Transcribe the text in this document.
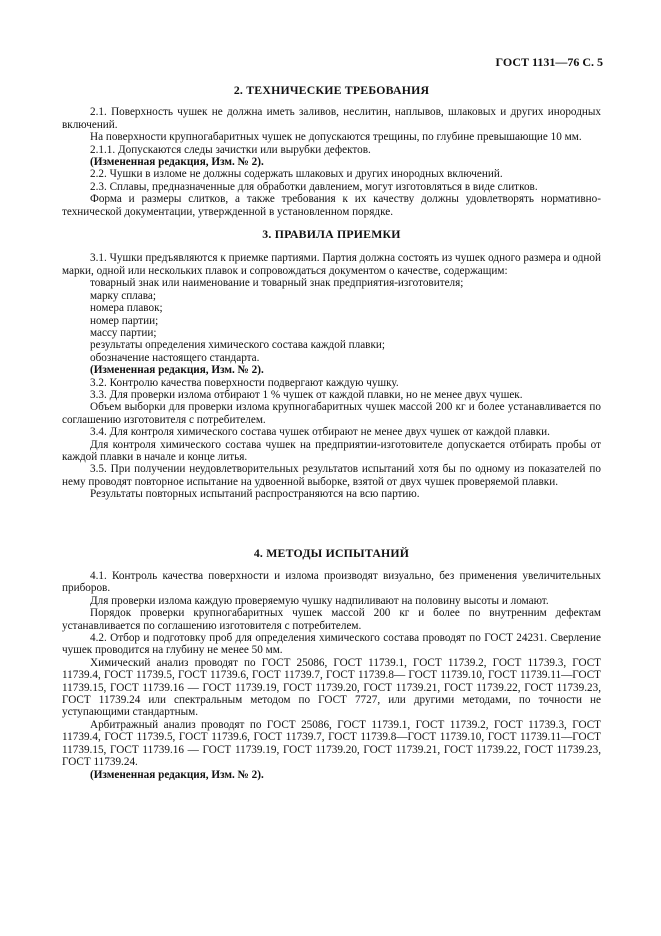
ГОСТ 1131—76 С. 5
2. ТЕХНИЧЕСКИЕ ТРЕБОВАНИЯ

2.1. Поверхность чушек не должна иметь заливов, неслитин, наплывов, шлаковых и других инородных включений.

На поверхности крупногабаритных чушек не допускаются трещины, по глубине превышающие 10 мм.

2.1.1. Допускаются следы зачистки или вырубки дефектов.

(Измененная редакция, Изм. № 2).

2.2. Чушки в изломе не должны содержать шлаковых и других инородных включений.

2.3. Сплавы, предназначенные для обработки давлением, могут изготовляться в виде слитков.

Форма и размеры слитков, а также требования к их качеству должны удовлетворять нормативно-технической документации, утвержденной в установленном порядке.

3. ПРАВИЛА ПРИЕМКИ

3.1. Чушки предъявляются к приемке партиями. Партия должна состоять из чушек одного размера и одной марки, одной или нескольких плавок и сопровождаться документом о качестве, содержащим:

товарный знак или наименование и товарный знак предприятия-изготовителя;

марку сплава;

номера плавок;

номер партии;

массу партии;

результаты определения химического состава каждой плавки;

обозначение настоящего стандарта.

(Измененная редакция, Изм. № 2).

3.2. Контролю качества поверхности подвергают каждую чушку.

3.3. Для проверки излома отбирают 1 % чушек от каждой плавки, но не менее двух чушек.

Объем выборки для проверки излома крупногабаритных чушек массой 200 кг и более устанавливается по соглашению изготовителя с потребителем.

3.4. Для контроля химического состава чушек отбирают не менее двух чушек от каждой плавки.

Для контроля химического состава чушек на предприятии-изготовителе допускается отбирать пробы от каждой плавки в начале и конце литья.

3.5. При получении неудовлетворительных результатов испытаний хотя бы по одному из показателей по нему проводят повторное испытание на удвоенной выборке, взятой от двух чушек проверяемой плавки.

Результаты повторных испытаний распространяются на всю партию.

4. МЕТОДЫ ИСПЫТАНИЙ

4.1. Контроль качества поверхности и излома производят визуально, без применения увеличительных приборов.

Для проверки излома каждую проверяемую чушку надпиливают на половину высоты и ломают.

Порядок проверки крупногабаритных чушек массой 200 кг и более по внутренним дефектам устанавливается по соглашению изготовителя с потребителем.

4.2. Отбор и подготовку проб для определения химического состава проводят по ГОСТ 24231. Сверление чушек проводится на глубину не менее 50 мм.

Химический анализ проводят по ГОСТ 25086, ГОСТ 11739.1, ГОСТ 11739.2, ГОСТ 11739.3, ГОСТ 11739.4, ГОСТ 11739.5, ГОСТ 11739.6, ГОСТ 11739.7, ГОСТ 11739.8— ГОСТ 11739.10, ГОСТ 11739.11—ГОСТ 11739.15, ГОСТ 11739.16 — ГОСТ 11739.19, ГОСТ 11739.20, ГОСТ 11739.21, ГОСТ 11739.22, ГОСТ 11739.23, ГОСТ 11739.24 или спектральным методом по ГОСТ 7727, или другими методами, по точности не уступающими стандартным.

Арбитражный анализ проводят по ГОСТ 25086, ГОСТ 11739.1, ГОСТ 11739.2, ГОСТ 11739.3, ГОСТ 11739.4, ГОСТ 11739.5, ГОСТ 11739.6, ГОСТ 11739.7, ГОСТ 11739.8—ГОСТ 11739.10, ГОСТ 11739.11—ГОСТ 11739.15, ГОСТ 11739.16 — ГОСТ 11739.19, ГОСТ 11739.20, ГОСТ 11739.21, ГОСТ 11739.22, ГОСТ 11739.23, ГОСТ 11739.24.

(Измененная редакция, Изм. № 2).
